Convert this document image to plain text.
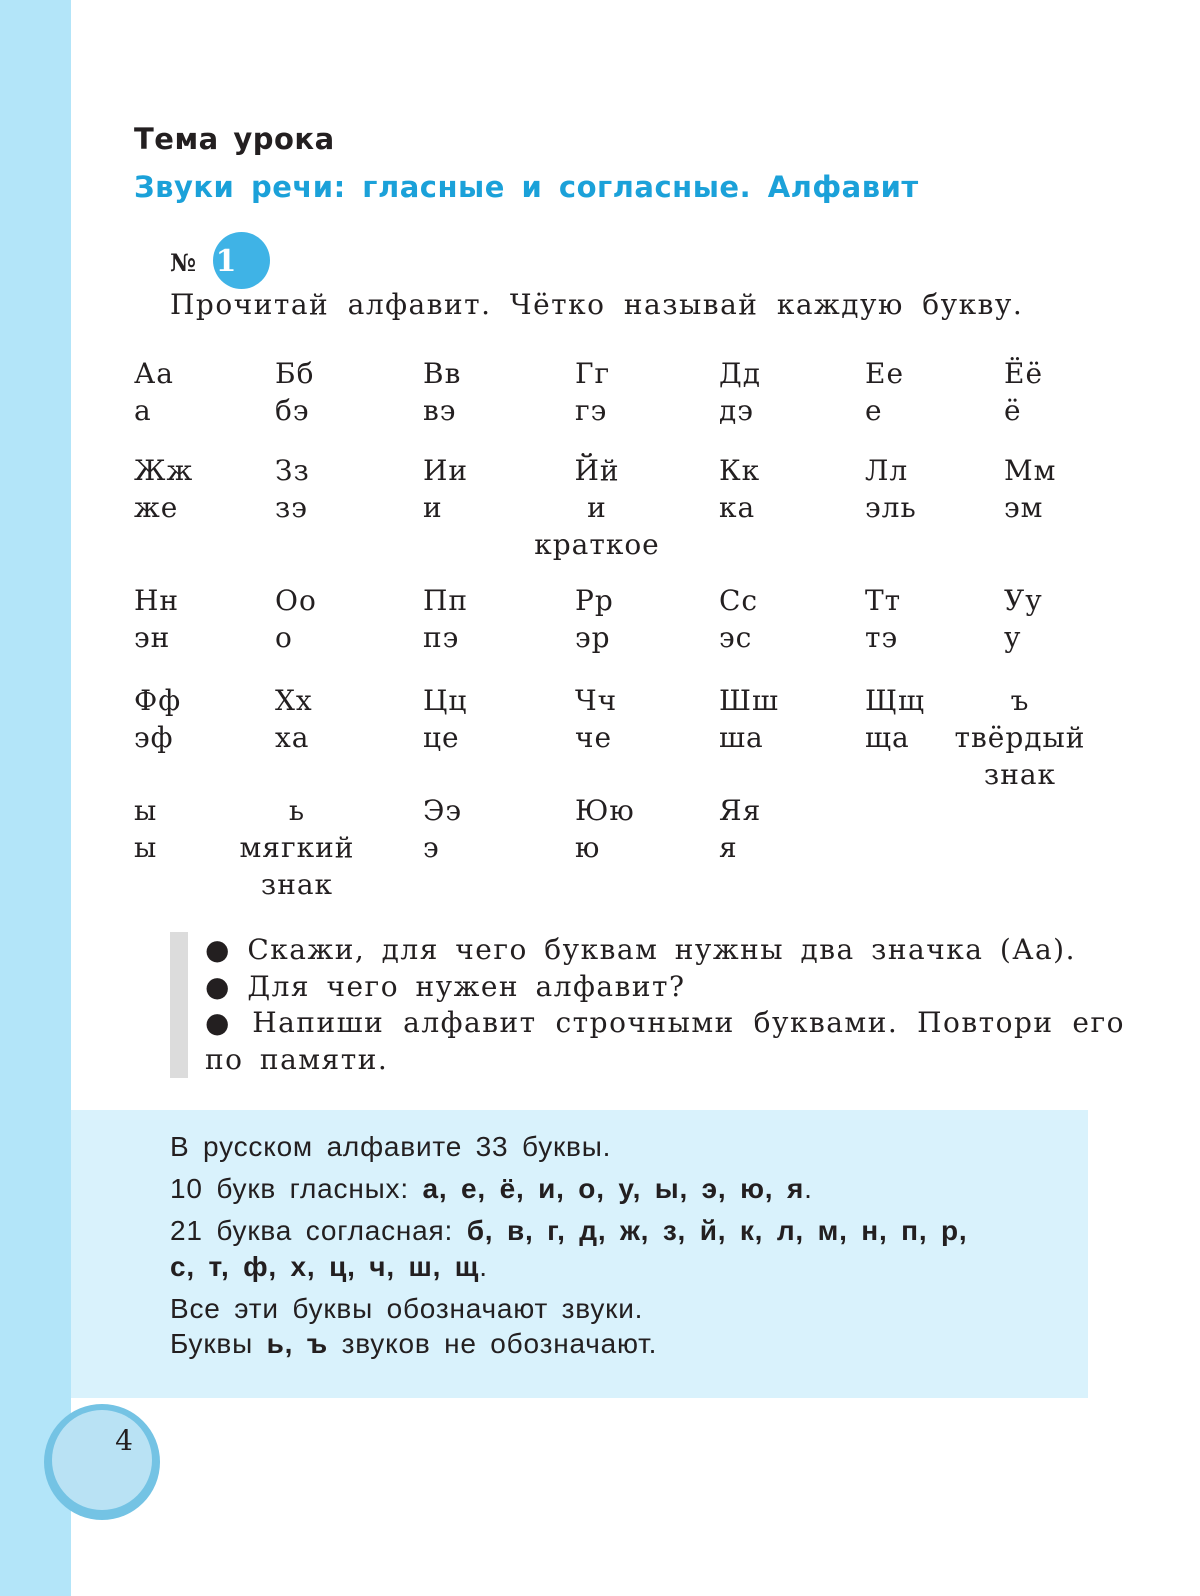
Тема урока
Звуки речи: гласные и согласные. Алфавит
№ 1
Прочитай алфавит. Чётко называй каждую букву.
Аа
а
Бб
бэ
Вв
вэ
Гг
гэ
Дд
дэ
Ее
е
Ёё
ё
Жж
же
Зз
зэ
Ии
и
Йй
и
краткое
Кк
ка
Лл
эль
Мм
эм
Нн
эн
Оо
о
Пп
пэ
Рр
эр
Сс
эс
Тт
тэ
Уу
у
Фф
эф
Хх
ха
Цц
це
Чч
че
Шш
ша
Щщ
ща
ъ
твёрдый
знак
ы
ы
ь
мягкий
знак
Ээ
э
Юю
ю
Яя
я

● Скажи, для чего буквам нужны два значка (Аа).

● Для чего нужен алфавит?

● Напиши алфавит строчными буквами. Повтори его по памяти.

В русском алфавите 33 буквы.
10 букв гласных: а, е, ё, и, о, у, ы, э, ю, я.
21 буква согласная: б, в, г, д, ж, з, й, к, л, м, н, п, р,
с, т, ф, х, ц, ч, ш, щ.
Все эти буквы обозначают звуки.
Буквы ь, ъ звуков не обозначают.
4
